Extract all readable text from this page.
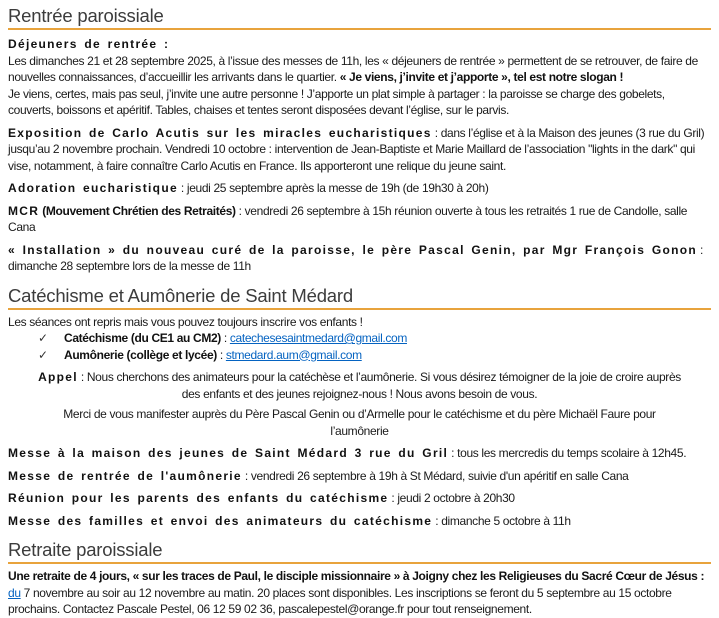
Rentrée paroissiale

Déjeuners de rentrée :
Les dimanches 21 et 28 septembre 2025, à l’issue des messes de 11h, les « déjeuners de rentrée » permettent de se retrouver, de faire de nouvelles connaissances, d’accueillir les arrivants dans le quartier. « Je viens, j’invite et j’apporte », tel est notre slogan !
Je viens, certes, mais pas seul, j’invite une autre personne ! J’apporte un plat simple à partager : la paroisse se charge des gobelets, couverts, boissons et apéritif. Tables, chaises et tentes seront disposées devant l’église, sur le parvis.

Exposition de Carlo Acutis sur les miracles eucharistiques : dans l’église et à la Maison des jeunes (3 rue du Gril) jusqu’au 2 novembre prochain. Vendredi 10 octobre : intervention de Jean-Baptiste et Marie Maillard de l’association "lights in the dark" qui vise, notamment, à faire connaître Carlo Acutis en France. Ils apporteront une relique du jeune saint.

Adoration eucharistique : jeudi 25 septembre après la messe de 19h (de 19h30 à 20h)

MCR (Mouvement Chrétien des Retraités) : vendredi 26 septembre à 15h réunion ouverte à tous les retraités 1 rue de Candolle, salle Cana

« Installation » du nouveau curé de la paroisse, le père Pascal Genin, par Mgr François Gonon : dimanche 28 septembre lors de la messe de 11h

Catéchisme et Aumônerie de Saint Médard

Les séances ont repris mais vous pouvez toujours inscrire vos enfants !

✓ Catéchisme (du CE1 au CM2) : catechesesaintmedard@gmail.com
✓ Aumônerie (collège et lycée) : stmedard.aum@gmail.com

Appel : Nous cherchons des animateurs pour la catéchèse et l’aumônerie. Si vous désirez témoigner de la joie de croire auprès des enfants et des jeunes rejoignez-nous ! Nous avons besoin de vous.

Merci de vous manifester auprès du Père Pascal Genin ou d’Armelle pour le catéchisme et du père Michaël Faure pour l’aumônerie

Messe à la maison des jeunes de Saint Médard 3 rue du Gril : tous les mercredis du temps scolaire à 12h45.

Messe de rentrée de l'aumônerie : vendredi 26 septembre à 19h à St Médard, suivie d'un apéritif en salle Cana

Réunion pour les parents des enfants du catéchisme : jeudi 2 octobre à 20h30

Messe des familles et envoi des animateurs du catéchisme : dimanche 5 octobre à 11h

Retraite paroissiale

Une retraite de 4 jours, « sur les traces de Paul, le disciple missionnaire » à Joigny chez les Religieuses du Sacré Cœur de Jésus : du 7 novembre au soir au 12 novembre au matin. 20 places sont disponibles. Les inscriptions se feront du 5 septembre au 15 octobre prochains. Contactez Pascale Pestel, 06 12 59 02 36, pascalepestel@orange.fr pour tout renseignement.
